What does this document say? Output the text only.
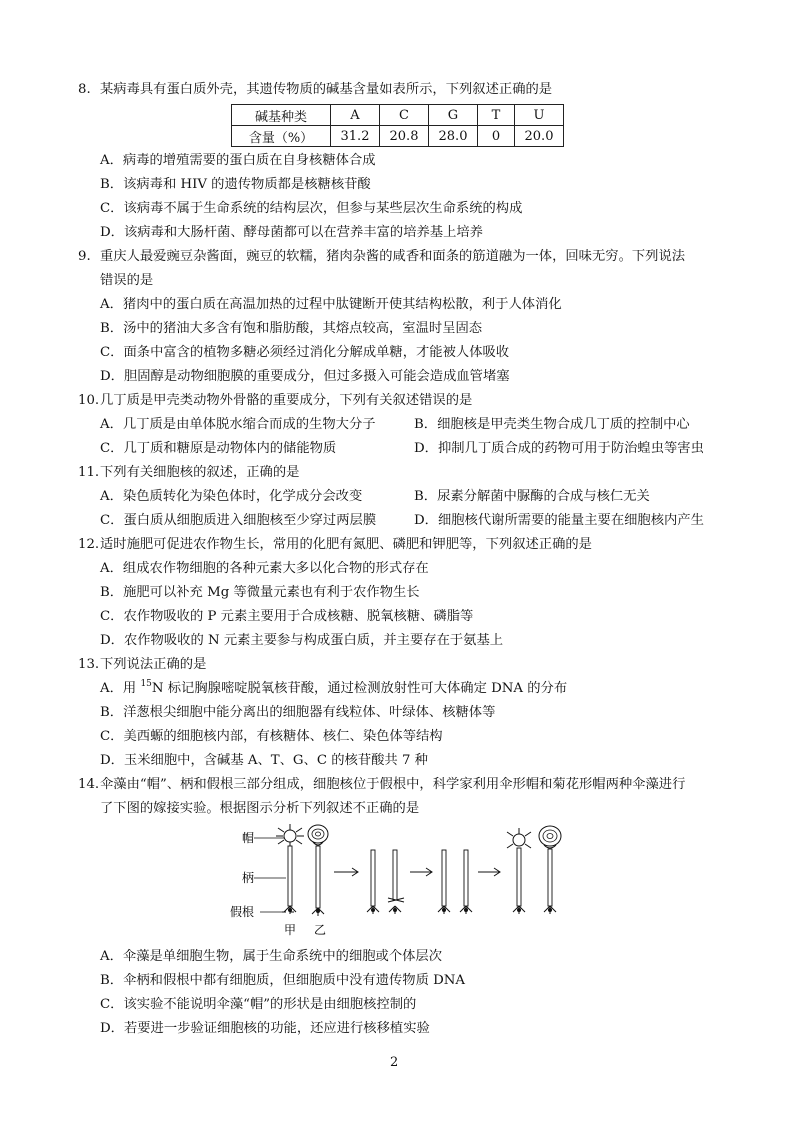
8. 某病毒具有蛋白质外壳，其遗传物质的碱基含量如表所示，下列叙述正确的是
碱基种类	A	C	G	T	U
含量（%）	31.2	20.8	28.0	0	20.0
A．病毒的增殖需要的蛋白质在自身核糖体合成
B．该病毒和 HIV 的遗传物质都是核糖核苷酸
C．该病毒不属于生命系统的结构层次，但参与某些层次生命系统的构成
D．该病毒和大肠杆菌、酵母菌都可以在营养丰富的培养基上培养
9. 重庆人最爱豌豆杂酱面，豌豆的软糯，猪肉杂酱的咸香和面条的筋道融为一体，回味无穷。下列说法
错误的是
A．猪肉中的蛋白质在高温加热的过程中肽键断开使其结构松散，利于人体消化
B．汤中的猪油大多含有饱和脂肪酸，其熔点较高，室温时呈固态
C．面条中富含的植物多糖必须经过消化分解成单糖，才能被人体吸收
D．胆固醇是动物细胞膜的重要成分，但过多摄入可能会造成血管堵塞
10.几丁质是甲壳类动物外骨骼的重要成分，下列有关叙述错误的是
A．几丁质是由单体脱水缩合而成的生物大分子	B．细胞核是甲壳类生物合成几丁质的控制中心
C．几丁质和糖原是动物体内的储能物质	D．抑制几丁质合成的药物可用于防治蝗虫等害虫
11.下列有关细胞核的叙述，正确的是
A．染色质转化为染色体时，化学成分会改变	B．尿素分解菌中脲酶的合成与核仁无关
C．蛋白质从细胞质进入细胞核至少穿过两层膜	D．细胞核代谢所需要的能量主要在细胞核内产生
12.适时施肥可促进农作物生长，常用的化肥有氮肥、磷肥和钾肥等，下列叙述正确的是
A．组成农作物细胞的各种元素大多以化合物的形式存在
B．施肥可以补充 Mg 等微量元素也有利于农作物生长
C．农作物吸收的 P 元素主要用于合成核糖、脱氧核糖、磷脂等
D．农作物吸收的 N 元素主要参与构成蛋白质，并主要存在于氨基上
13.下列说法正确的是
A．用 $^{15}$N 标记胸腺嘧啶脱氧核苷酸，通过检测放射性可大体确定 DNA 的分布
B．洋葱根尖细胞中能分离出的细胞器有线粒体、叶绿体、核糖体等
C．美西螈的细胞核内部，有核糖体、核仁、染色体等结构
D．玉米细胞中，含碱基 A、T、G、C 的核苷酸共 7 种
14.伞藻由“帽”、柄和假根三部分组成，细胞核位于假根中，科学家利用伞形帽和菊花形帽两种伞藻进行
了下图的嫁接实验。根据图示分析下列叙述不正确的是
帽
柄
假根
甲 乙
A．伞藻是单细胞生物，属于生命系统中的细胞或个体层次
B．伞柄和假根中都有细胞质，但细胞质中没有遗传物质 DNA
C．该实验不能说明伞藻“帽”的形状是由细胞核控制的
D．若要进一步验证细胞核的功能，还应进行核移植实验
2
